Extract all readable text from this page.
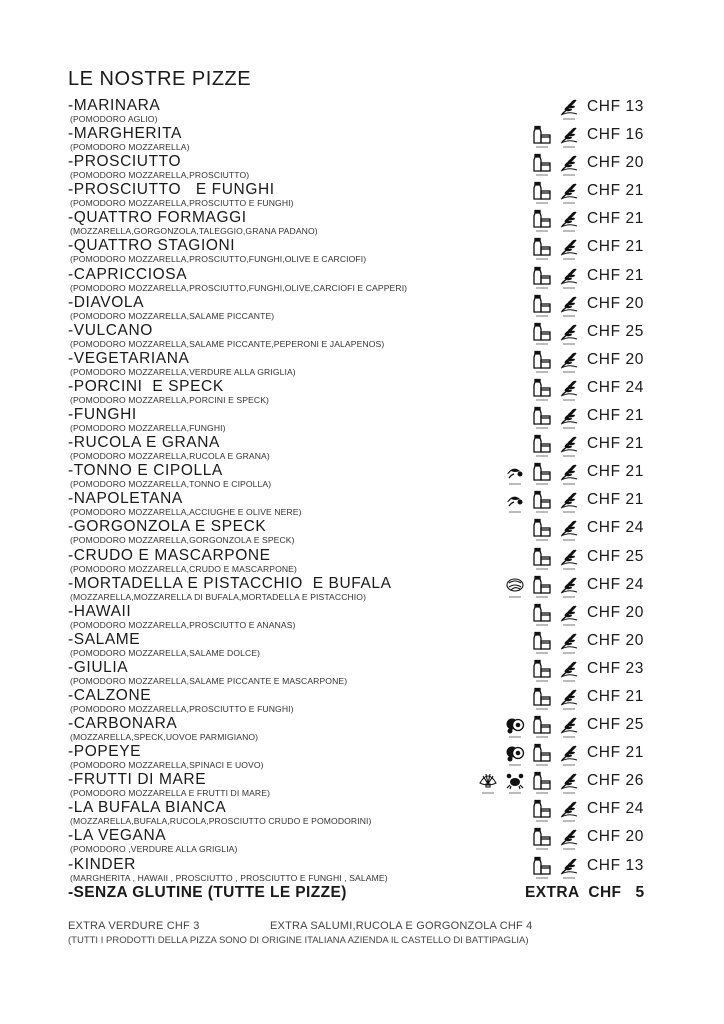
LE NOSTRE PIZZE
-MARINARA
(POMODORO AGLIO)
CHF 13
-MARGHERITA
(POMODORO MOZZARELLA)
CHF 16
-PROSCIUTTO
(POMODORO MOZZARELLA,PROSCIUTTO)
CHF 20
-PROSCIUTTO   E FUNGHI
(POMODORO MOZZARELLA,PROSCIUTTO E FUNGHI)
CHF 21
-QUATTRO FORMAGGI
(MOZZARELLA,GORGONZOLA,TALEGGIO,GRANA PADANO)
CHF 21
-QUATTRO STAGIONI
(POMODORO MOZZARELLA,PROSCIUTTO,FUNGHI,OLIVE E CARCIOFI)
CHF 21
-CAPRICCIOSA
(POMODORO MOZZARELLA,PROSCIUTTO,FUNGHI,OLIVE,CARCIOFI E CAPPERI)
CHF 21
-DIAVOLA
(POMODORO MOZZARELLA,SALAME PICCANTE)
CHF 20
-VULCANO
(POMODORO MOZZARELLA,SALAME PICCANTE,PEPERONI E JALAPENOS)
CHF 25
-VEGETARIANA
(POMODORO MOZZARELLA,VERDURE ALLA GRIGLIA)
CHF 20
-PORCINI  E SPECK
(POMODORO MOZZARELLA,PORCINI E SPECK)
CHF 24
-FUNGHI
(POMODORO MOZZARELLA,FUNGHI)
CHF 21
-RUCOLA E GRANA
(POMODORO MOZZARELLA,RUCOLA E GRANA)
CHF 21
-TONNO E CIPOLLA
(POMODORO MOZZARELLA,TONNO E CIPOLLA)
CHF 21
-NAPOLETANA
(POMODORO MOZZARELLA,ACCIUGHE E OLIVE NERE)
CHF 21
-GORGONZOLA E SPECK
(POMODORO MOZZARELLA,GORGONZOLA E SPECK)
CHF 24
-CRUDO E MASCARPONE
(POMODORO MOZZARELLA,CRUDO E MASCARPONE)
CHF 25
-MORTADELLA E PISTACCHIO  E BUFALA
(MOZZARELLA,MOZZARELLA DI BUFALA,MORTADELLA E PISTACCHIO)
CHF 24
-HAWAII
(POMODORO MOZZARELLA,PROSCIUTTO E ANANAS)
CHF 20
-SALAME
(POMODORO MOZZARELLA,SALAME DOLCE)
CHF 20
-GIULIA
(POMODORO MOZZARELLA,SALAME PICCANTE E MASCARPONE)
CHF 23
-CALZONE
(POMODORO MOZZARELLA,PROSCIUTTO E FUNGHI)
CHF 21
-CARBONARA
(MOZZARELLA,SPECK,UOVOE PARMIGIANO)
CHF 25
-POPEYE
(POMODORO MOZZARELLA,SPINACI E UOVO)
CHF 21
-FRUTTI DI MARE
(POMODORO MOZZARELLA E FRUTTI DI MARE)
CHF 26
-LA BUFALA BIANCA
(MOZZARELLA,BUFALA,RUCOLA,PROSCIUTTO CRUDO E POMODORINI)
CHF 24
-LA VEGANA
(POMODORO ,VERDURE ALLA GRIGLIA)
CHF 20
-KINDER
(MARGHERITA , HAWAII , PROSCIUTTO , PROSCIUTTO E FUNGHI , SALAME)
CHF 13
-SENZA GLUTINE (TUTTE LE PIZZE)	EXTRA  CHF   5
EXTRA VERDURE CHF 3	EXTRA SALUMI,RUCOLA E GORGONZOLA CHF 4
(TUTTI I PRODOTTI DELLA PIZZA SONO DI ORIGINE ITALIANA AZIENDA IL CASTELLO DI BATTIPAGLIA)
